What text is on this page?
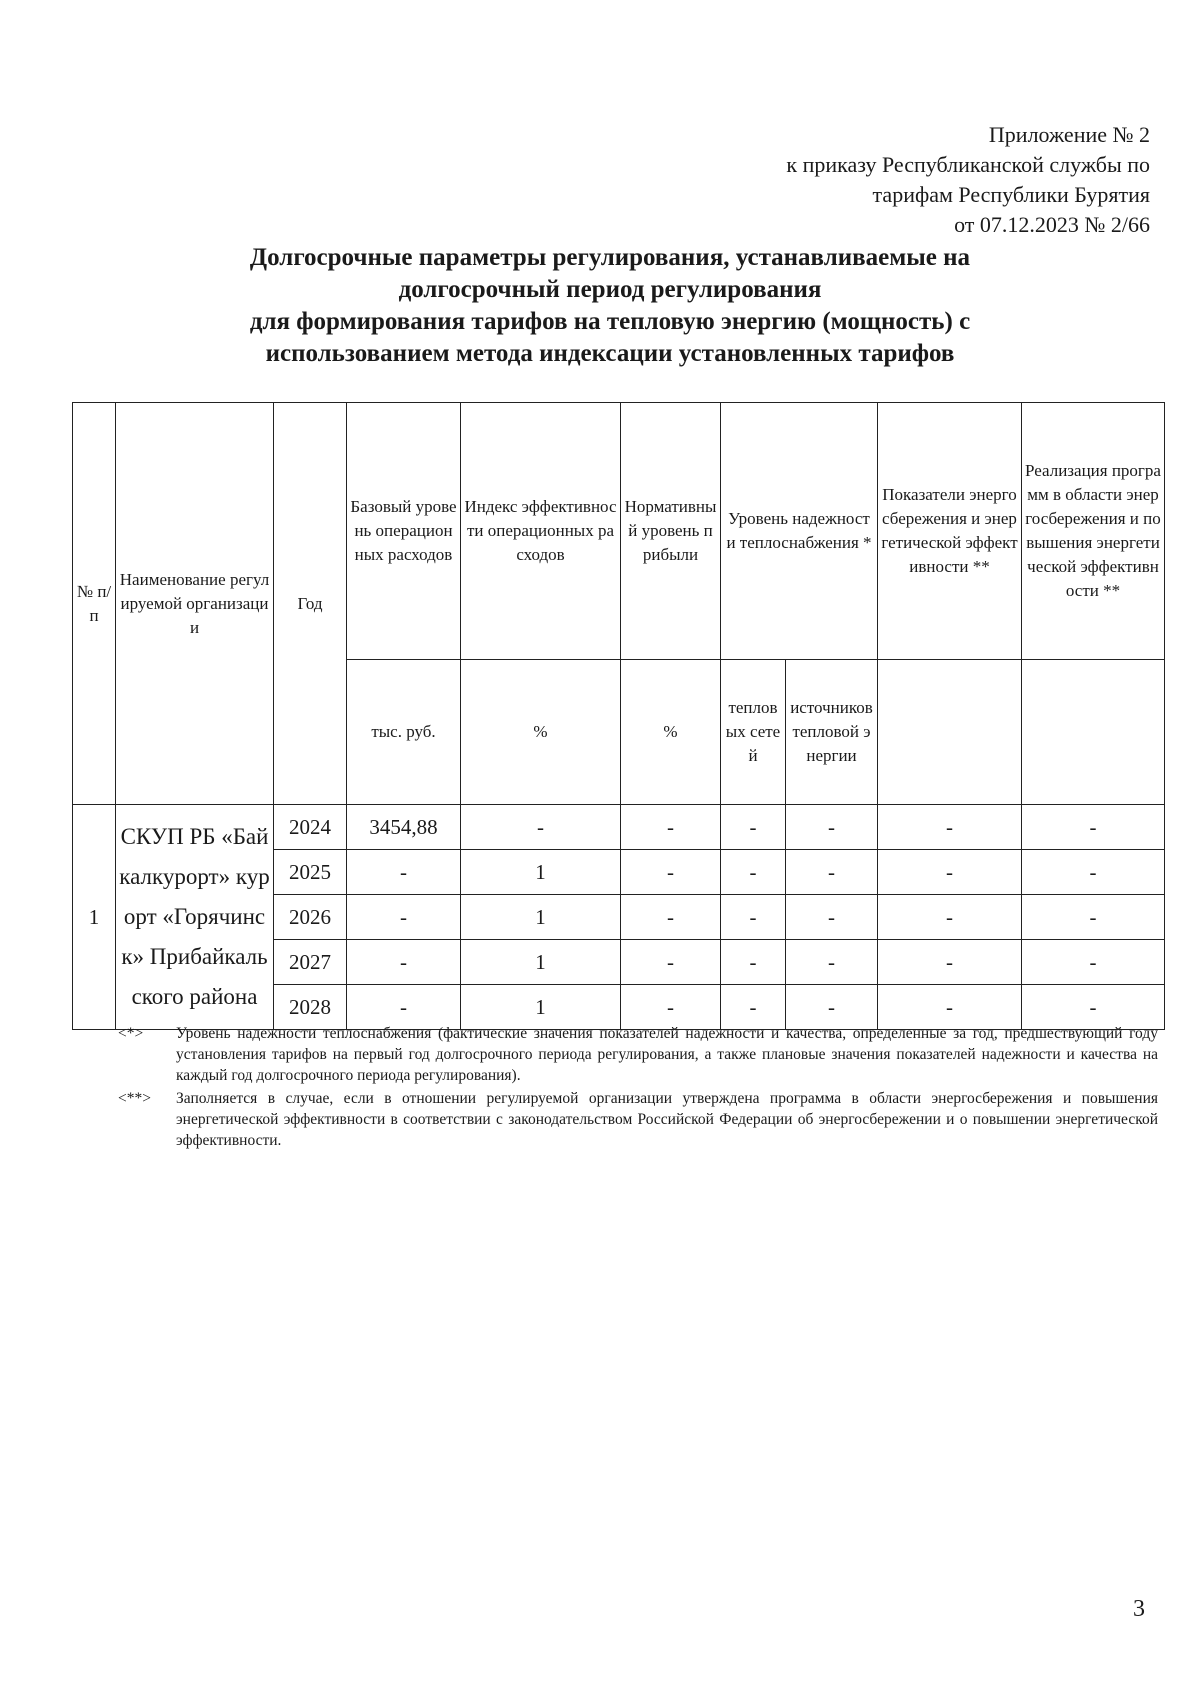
Приложение № 2
к приказу Республиканской службы по
тарифам Республики Бурятия
от 07.12.2023 № 2/66
Долгосрочные параметры регулирования, устанавливаемые на
долгосрочный период регулирования
для формирования тарифов на тепловую энергию (мощность) с
использованием метода индексации установленных тарифов
№ п/п	Наименование регулируемой организации	Год	Базовый уровень операционных расходов	Индекс эффективности операционных расходов	Нормативный уровень прибыли	Уровень надежности теплоснабжения *		Показатели энергосбережения и энергетической эффективности **	Реализация программ в области энергосбережения и повышения энергетической эффективности **
			тыс. руб.	%	%	тепловых сетей	источников тепловой энергии		
1	СКУП РБ «Байкалкурорт» курорт «Горячинск» Прибайкальского района	2024	3454,88	-	-	-	-	-	-
		2025	-	1	-	-	-	-	-
		2026	-	1	-	-	-	-	-
		2027	-	1	-	-	-	-	-
		2028	-	1	-	-	-	-	-
<*>	Уровень надежности теплоснабжения (фактические значения показателей надежности и качества, определенные за год, предшествующий году установления тарифов на первый год долгосрочного периода регулирования, а также плановые значения показателей надежности и качества на каждый год долгосрочного периода регулирования).
<**>	Заполняется в случае, если в отношении регулируемой организации утверждена программа в области энергосбережения и повышения энергетической эффективности в соответствии с законодательством Российской Федерации об энергосбережении и о повышении энергетической эффективности.
3
